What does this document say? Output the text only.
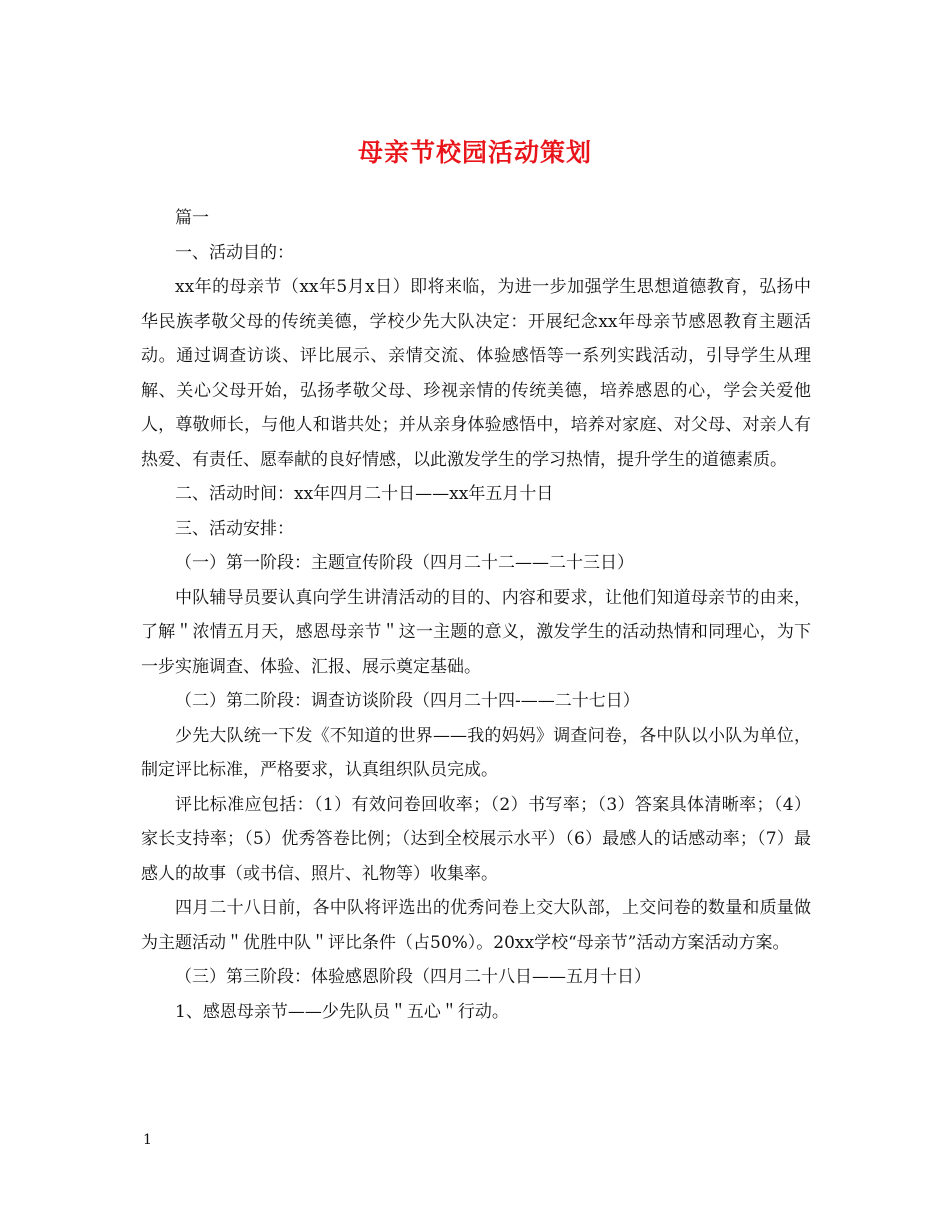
母亲节校园活动策划

篇一

一、活动目的：

xx年的母亲节（xx年5月x日）即将来临，为进一步加强学生思想道德教育，弘扬中华民族孝敬父母的传统美德，学校少先大队决定：开展纪念xx年母亲节感恩教育主题活动。通过调查访谈、评比展示、亲情交流、体验感悟等一系列实践活动，引导学生从理解、关心父母开始，弘扬孝敬父母、珍视亲情的传统美德，培养感恩的心，学会关爱他人，尊敬师长，与他人和谐共处；并从亲身体验感悟中，培养对家庭、对父母、对亲人有热爱、有责任、愿奉献的良好情感，以此激发学生的学习热情，提升学生的道德素质。

二、活动时间：xx年四月二十日——xx年五月十日

三、活动安排：

（一）第一阶段：主题宣传阶段（四月二十二——二十三日）

中队辅导员要认真向学生讲清活动的目的、内容和要求，让他们知道母亲节的由来，了解＂浓情五月天，感恩母亲节＂这一主题的意义，激发学生的活动热情和同理心，为下一步实施调查、体验、汇报、展示奠定基础。

（二）第二阶段：调查访谈阶段（四月二十四-——二十七日）

少先大队统一下发《不知道的世界——我的妈妈》调查问卷，各中队以小队为单位，制定评比标准，严格要求，认真组织队员完成。

评比标准应包括：（1）有效问卷回收率；（2）书写率；（3）答案具体清晰率；（4）家长支持率；（5）优秀答卷比例；（达到全校展示水平）（6）最感人的话感动率；（7）最感人的故事（或书信、照片、礼物等）收集率。

四月二十八日前，各中队将评选出的优秀问卷上交大队部，上交问卷的数量和质量做为主题活动＂优胜中队＂评比条件（占50%）。20xx学校“母亲节”活动方案活动方案。

（三）第三阶段：体验感恩阶段（四月二十八日——五月十日）

1、感恩母亲节——少先队员＂五心＂行动。

1
